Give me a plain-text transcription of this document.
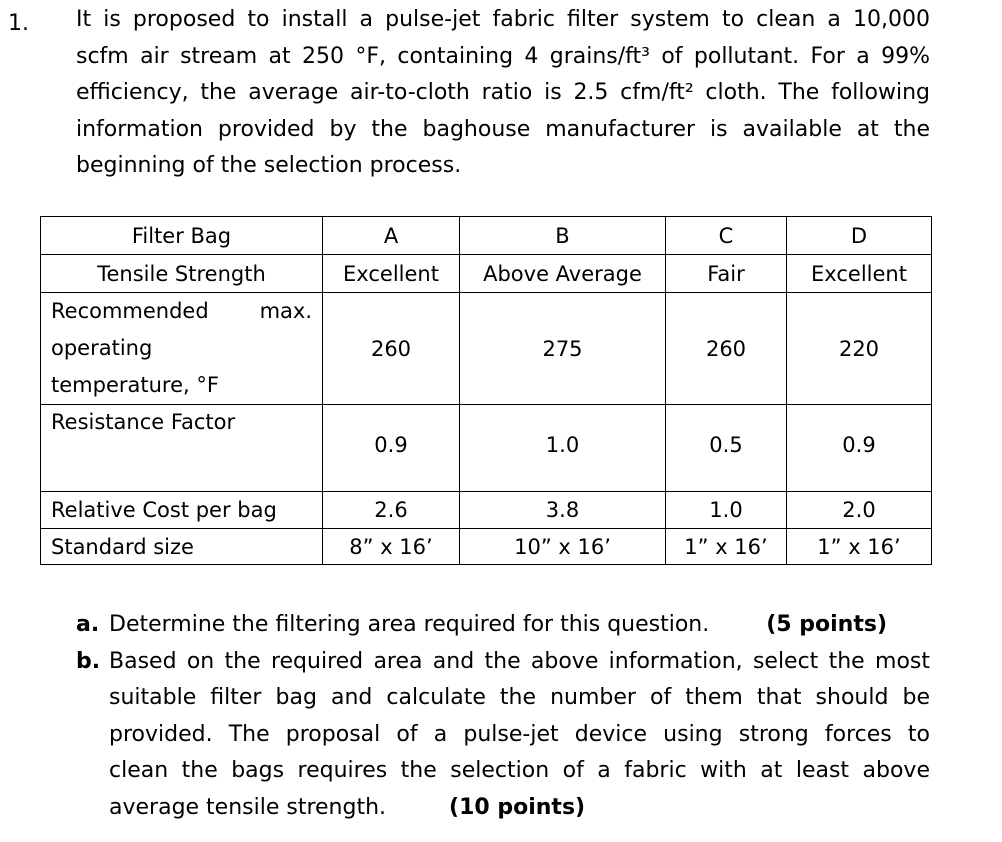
1. It is proposed to install a pulse-jet fabric filter system to clean a 10,000
scfm air stream at 250 °F, containing 4 grains/ft³ of pollutant. For a 99%
efficiency, the average air-to-cloth ratio is 2.5 cfm/ft² cloth. The following
information provided by the baghouse manufacturer is available at the
beginning of the selection process.
Filter Bag	A	B	C	D
Tensile Strength	Excellent	Above Average	Fair	Excellent

Recommended max.
operating
temperature, °F	260	275	260	220
Resistance Factor	0.9	1.0	0.5	0.9
Relative Cost per bag	2.6	3.8	1.0	2.0
Standard size	8” x 16’	10” x 16’	1” x 16’	1” x 16’
a. Determine the filtering area required for this question.	(5 points)
b. Based on the required area and the above information, select the most
suitable filter bag and calculate the number of them that should be
provided. The proposal of a pulse-jet device using strong forces to
clean the bags requires the selection of a fabric with at least above
average tensile strength.	(10 points)
